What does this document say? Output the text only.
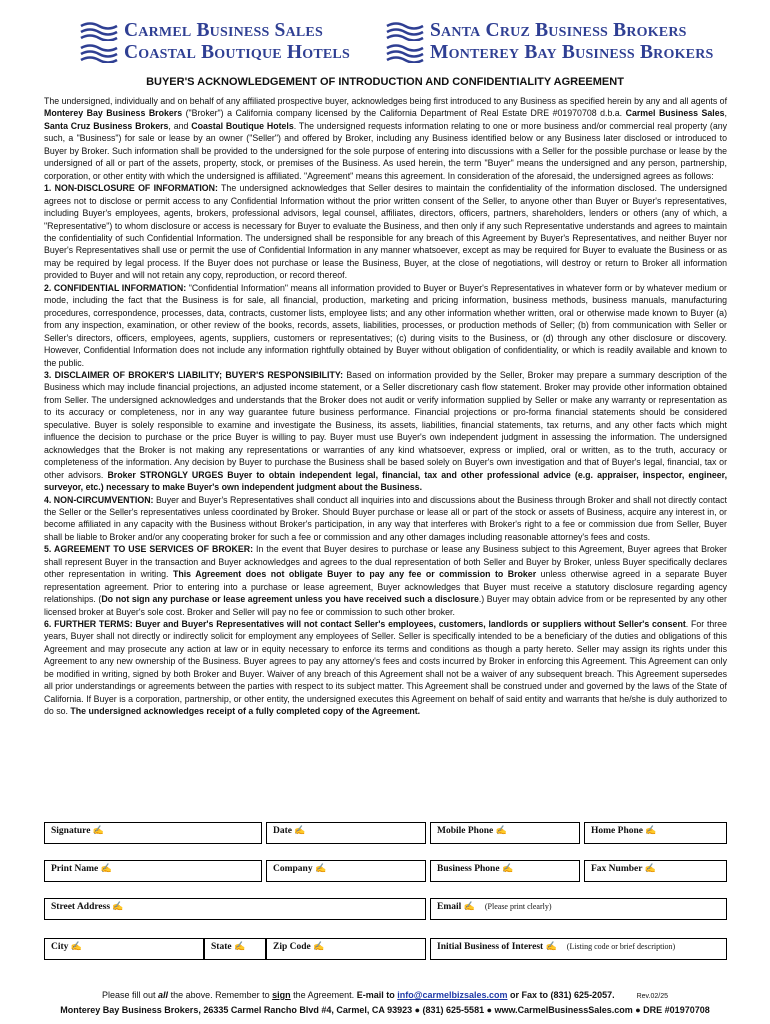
Carmel Business Sales
Coastal Boutique Hotels
Santa Cruz Business Brokers
Monterey Bay Business Brokers
BUYER'S ACKNOWLEDGEMENT OF INTRODUCTION AND CONFIDENTIALITY AGREEMENT

The undersigned, individually and on behalf of any affiliated prospective buyer, acknowledges being first introduced to any Business as specified herein by any and all agents of Monterey Bay Business Brokers ("Broker") a California company licensed by the California Department of Real Estate DRE #01970708 d.b.a. Carmel Business Sales, Santa Cruz Business Brokers, and Coastal Boutique Hotels. The undersigned requests information relating to one or more business and/or commercial real property (any such, a "Business") for sale or lease by an owner ("Seller") and offered by Broker, including any Business identified below or any Business later disclosed or introduced to Buyer by Broker. Such information shall be provided to the undersigned for the sole purpose of entering into discussions with a Seller for the possible purchase or lease by the undersigned of all or part of the assets, property, stock, or premises of the Business. As used herein, the term "Buyer" means the undersigned and any person, partnership, corporation, or other entity with which the undersigned is affiliated. "Agreement" means this agreement. In consideration of the aforesaid, the undersigned agrees as follows:

1. NON-DISCLOSURE OF INFORMATION: The undersigned acknowledges that Seller desires to maintain the confidentiality of the information disclosed. The undersigned agrees not to disclose or permit access to any Confidential Information without the prior written consent of the Seller, to anyone other than Buyer or Buyer's representatives, including Buyer's employees, agents, brokers, professional advisors, legal counsel, affiliates, directors, officers, partners, shareholders, lenders or others (any of which, a "Representative") to whom disclosure or access is necessary for Buyer to evaluate the Business, and then only if any such Representative understands and agrees to maintain the confidentiality of such Confidential Information. The undersigned shall be responsible for any breach of this Agreement by Buyer's Representatives, and neither Buyer nor Buyer's Representatives shall use or permit the use of Confidential Information in any manner whatsoever, except as may be required for Buyer to evaluate the Business or as may be required by legal process. If the Buyer does not purchase or lease the Business, Buyer, at the close of negotiations, will destroy or return to Broker all information provided to Buyer and will not retain any copy, reproduction, or record thereof.

2. CONFIDENTIAL INFORMATION: "Confidential Information" means all information provided to Buyer or Buyer's Representatives in whatever form or by whatever medium or mode, including the fact that the Business is for sale, all financial, production, marketing and pricing information, business methods, business manuals, manufacturing procedures, correspondence, processes, data, contracts, customer lists, employee lists; and any other information whether written, oral or otherwise made known to Buyer (a) from any inspection, examination, or other review of the books, records, assets, liabilities, processes, or production methods of Seller; (b) from communication with Seller or Seller's directors, officers, employees, agents, suppliers, customers or representatives; (c) during visits to the Business, or (d) through any other disclosure or discovery. However, Confidential Information does not include any information rightfully obtained by Buyer without obligation of confidentiality, or which is readily available and known to the public.

3. DISCLAIMER OF BROKER'S LIABILITY; BUYER'S RESPONSIBILITY: Based on information provided by the Seller, Broker may prepare a summary description of the Business which may include financial projections, an adjusted income statement, or a Seller discretionary cash flow statement. Broker may provide other information obtained from Seller. The undersigned acknowledges and understands that the Broker does not audit or verify information supplied by Seller or make any warranty or representation as to its accuracy or completeness, nor in any way guarantee future business performance. Financial projections or pro-forma financial statements should be considered speculative. Buyer is solely responsible to examine and investigate the Business, its assets, liabilities, financial statements, tax returns, and any other facts which might influence the decision to purchase or the price Buyer is willing to pay. Buyer must use Buyer's own independent judgment in assessing the information. The undersigned acknowledges that the Broker is not making any representations or warranties of any kind whatsoever, express or implied, oral or written, as to the truth, accuracy or completeness of the information. Any decision by Buyer to purchase the Business shall be based solely on Buyer's own investigation and that of Buyer's legal, financial, tax or other advisors. Broker STRONGLY URGES Buyer to obtain independent legal, financial, tax and other professional advice (e.g. appraiser, inspector, engineer, surveyor, etc.) necessary to make Buyer's own independent judgment about the Business.

4. NON-CIRCUMVENTION: Buyer and Buyer's Representatives shall conduct all inquiries into and discussions about the Business through Broker and shall not directly contact the Seller or the Seller's representatives unless coordinated by Broker. Should Buyer purchase or lease all or part of the stock or assets of Business, acquire any interest in, or become affiliated in any capacity with the Business without Broker's participation, in any way that interferes with Broker's right to a fee or commission due from Seller, Buyer shall be liable to Broker and/or any cooperating broker for such a fee or commission and any other damages including reasonable attorney's fees and costs.

5. AGREEMENT TO USE SERVICES OF BROKER: In the event that Buyer desires to purchase or lease any Business subject to this Agreement, Buyer agrees that Broker shall represent Buyer in the transaction and Buyer acknowledges and agrees to the dual representation of both Seller and Buyer by Broker, unless Buyer specifically declares other representation in writing. This Agreement does not obligate Buyer to pay any fee or commission to Broker unless otherwise agreed in a separate Buyer representation agreement. Prior to entering into a purchase or lease agreement, Buyer acknowledges that Buyer must receive a statutory disclosure regarding agency relationships. (Do not sign any purchase or lease agreement unless you have received such a disclosure.) Buyer may obtain advice from or be represented by any other licensed broker at Buyer's sole cost. Broker and Seller will pay no fee or commission to such other broker.

6. FURTHER TERMS: Buyer and Buyer's Representatives will not contact Seller's employees, customers, landlords or suppliers without Seller's consent. For three years, Buyer shall not directly or indirectly solicit for employment any employees of Seller. Seller is specifically intended to be a beneficiary of the duties and obligations of this Agreement and may prosecute any action at law or in equity necessary to enforce its terms and conditions as though a party hereto. Seller may assign its rights under this Agreement to any new ownership of the Business. Buyer agrees to pay any attorney's fees and costs incurred by Broker in enforcing this Agreement. This Agreement can only be modified in writing, signed by both Broker and Buyer. Waiver of any breach of this Agreement shall not be a waiver of any subsequent breach. This Agreement supersedes all prior understandings or agreements between the parties with respect to its subject matter. This Agreement shall be construed under and governed by the laws of the State of California. If Buyer is a corporation, partnership, or other entity, the undersigned executes this Agreement on behalf of said entity and warrants that he/she is duly authorized to do so. The undersigned acknowledges receipt of a fully completed copy of the Agreement.

Signature ✍	Date ✍	Mobile Phone ✍	Home Phone ✍
Print Name ✍	Company ✍	Business Phone ✍	Fax Number ✍
Street Address ✍	Email ✍ (Please print clearly)
City ✍	State ✍	Zip Code ✍	Initial Business of Interest ✍ (Listing code or brief description)
Please fill out all the above. Remember to sign the Agreement. E-mail to info@carmelbizsales.com or Fax to (831) 625-2057.	Rev.02/25
Monterey Bay Business Brokers, 26335 Carmel Rancho Blvd #4, Carmel, CA 93923 ● (831) 625-5581 ● www.CarmelBusinessSales.com ● DRE #01970708
